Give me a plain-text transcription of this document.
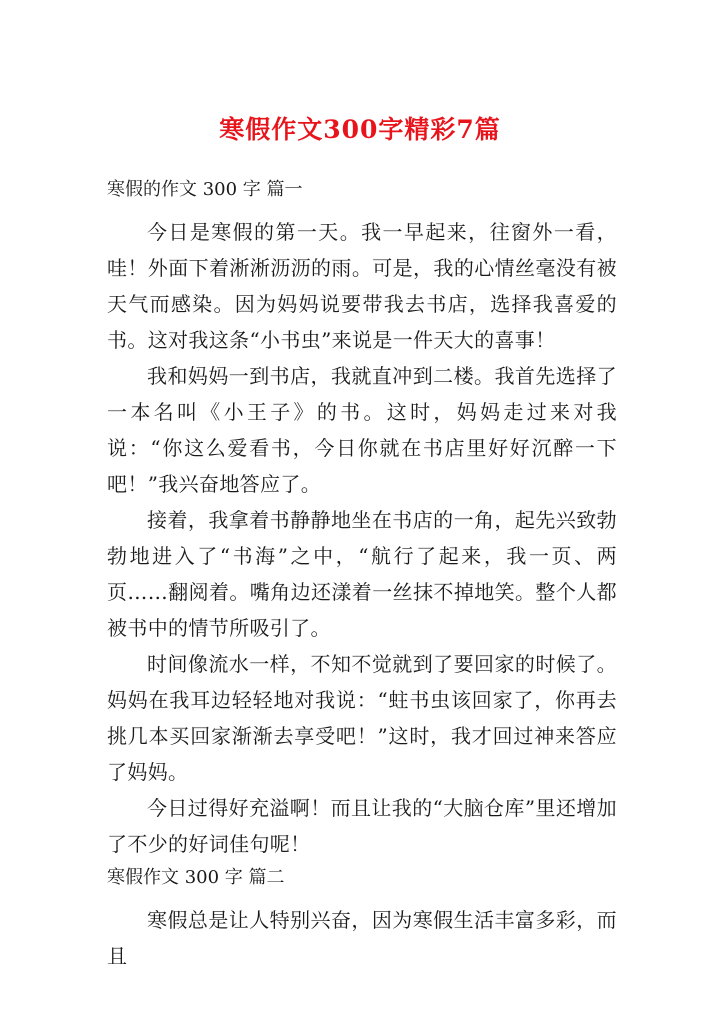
寒假作文300字精彩7篇

寒假的作文 300 字 篇一

今日是寒假的第一天。我一早起来，往窗外一看，哇！外面下着淅淅沥沥的雨。可是，我的心情丝毫没有被天气而感染。因为妈妈说要带我去书店，选择我喜爱的书。这对我这条“小书虫”来说是一件天大的喜事！

我和妈妈一到书店，我就直冲到二楼。我首先选择了一本名叫《小王子》的书。这时，妈妈走过来对我说：“你这么爱看书，今日你就在书店里好好沉醉一下吧！”我兴奋地答应了。

接着，我拿着书静静地坐在书店的一角，起先兴致勃勃地进入了“书海”之中，“航行了起来，我一页、两页……翻阅着。嘴角边还漾着一丝抹不掉地笑。整个人都被书中的情节所吸引了。

时间像流水一样，不知不觉就到了要回家的时候了。妈妈在我耳边轻轻地对我说：“蛀书虫该回家了，你再去挑几本买回家渐渐去享受吧！”这时，我才回过神来答应了妈妈。

今日过得好充溢啊！而且让我的“大脑仓库”里还增加了不少的好词佳句呢！

寒假作文 300 字 篇二

寒假总是让人特别兴奋，因为寒假生活丰富多彩，而且
